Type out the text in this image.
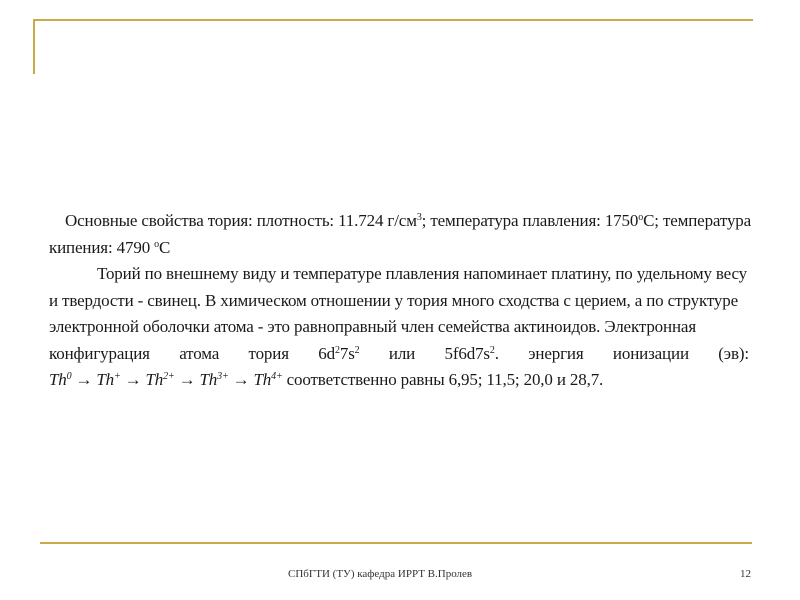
Основные свойства тория: плотность: 11.724 $г/см^3$; температура плавления: 1750$^o$С; температура
кипения: 4790 $^o$С

Торий по внешнему виду и температуре плавления напоминает платину, по удельному весу
и твердости - свинец. В химическом отношении у тория много сходства с церием, а по структуре
электронной оболочки атома - это равноправный член семейства актиноидов. Электронная
конфигурация атома тория $6d^27s^2$ или $5f6d7s^2$. энергия ионизации (эв):
$Th^0 \to Th^+ \to Th^{2+} \to Th^{3+} \to Th^{4+}$ соответственно равны 6,95; 11,5; 20,0 и 28,7.

СПбГТИ (ТУ) кафедра ИРРТ В.Пролев	12
